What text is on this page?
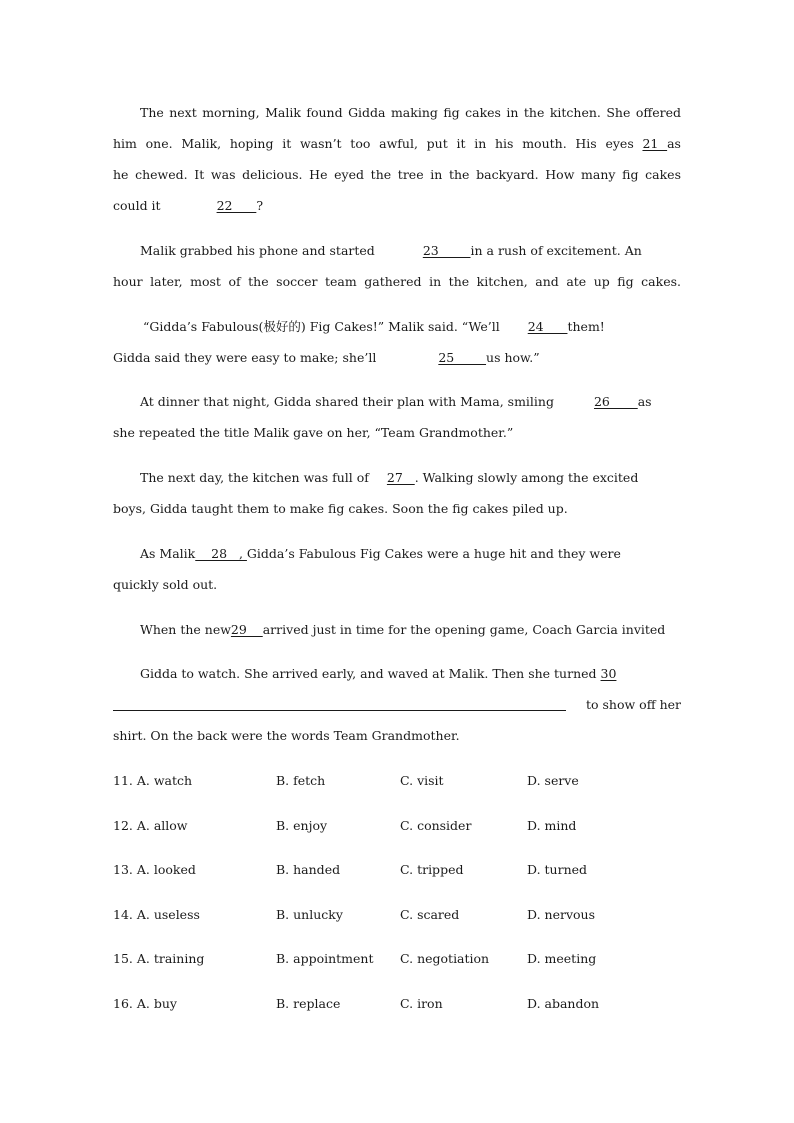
The next morning, Malik found Gidda making fig cakes in the kitchen. She offered
him one. Malik, hoping it wasn’t too awful, put it in his mouth. His eyes 21 as
he chewed. It was delicious. He eyed the tree in the backyard. How many fig cakes
could it	22      ?
Malik grabbed his phone and started	23        in a rush of excitement. An
hour later, most of the soccer team gathered in the kitchen, and ate up fig cakes.
“Gidda’s Fabulous(极好的) Fig Cakes!” Malik said. “We’ll 24      them!
Gidda said they were easy to make; she’ll	25        us how.”
At dinner that night, Gidda shared their plan with Mama, smiling	26       as
she repeated the title Malik gave on her, “Team Grandmother.”
The next day, the kitchen was full of 27   . Walking slowly among the excited
boys, Gidda taught them to make fig cakes. Soon the fig cakes piled up.
As Malik    28   , Gidda’s Fabulous Fig Cakes were a huge hit and they were
quickly sold out.
When the new29    arrived just in time for the opening game, Coach Garcia invited
Gidda to watch. She arrived early, and waved at Malik. Then she turned 30
to show off her
shirt. On the back were the words Team Grandmother.
11. A. watch	B. fetch	C. visit	D. serve
12. A. allow	B. enjoy	C. consider	D. mind
13. A. looked	B. handed	C. tripped	D. turned
14. A. useless	B. unlucky	C. scared	D. nervous
15. A. training	B. appointment C. negotiation	D. meeting
16. A. buy	B. replace	C. iron	D. abandon
